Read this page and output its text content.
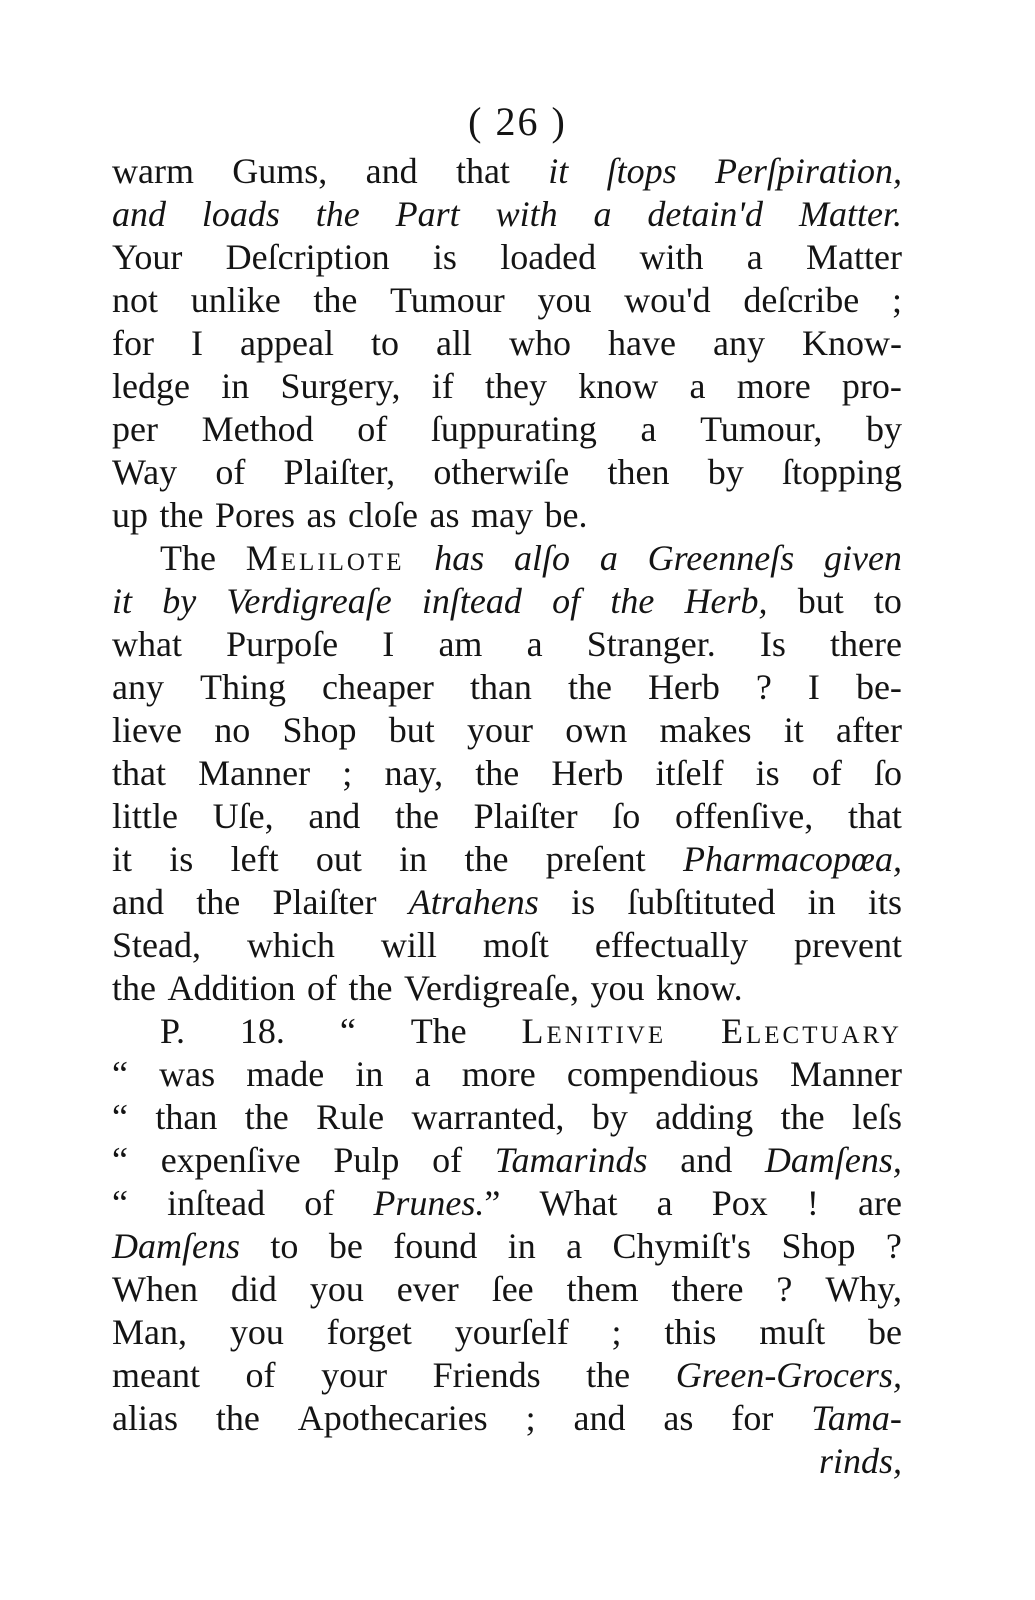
( 26 )
warm Gums, and that it ſtops Perſpiration,
and loads the Part with a detain'd Matter.
Your Deſcription is loaded with a Matter
not unlike the Tumour you wou'd deſcribe ;
for I appeal to all who have any Know-
ledge in Surgery, if they know a more pro-
per Method of ſuppurating a Tumour, by
Way of Plaiſter, otherwiſe then by ſtopping
up the Pores as cloſe as may be.
The Melilote has alſo a Greenneſs given
it by Verdigreaſe inſtead of the Herb, but to
what Purpoſe I am a Stranger. Is there
any Thing cheaper than the Herb ? I be-
lieve no Shop but your own makes it after
that Manner ; nay, the Herb itſelf is of ſo
little Uſe, and the Plaiſter ſo offenſive, that
it is left out in the preſent Pharmacopœa,
and the Plaiſter Atrahens is ſubſtituted in its
Stead, which will moſt effectually prevent
the Addition of the Verdigreaſe, you know.
P. 18. “ The Lenitive Electuary
“ was made in a more compendious Manner
“ than the Rule warranted, by adding the leſs
“ expenſive Pulp of Tamarinds and Damſens,
“ inſtead of Prunes.” What a Pox ! are
Damſens to be found in a Chymiſt's Shop ?
When did you ever ſee them there ? Why,
Man, you forget yourſelf ; this muſt be
meant of your Friends the Green-Grocers,
alias the Apothecaries ; and as for Tama-
rinds,
